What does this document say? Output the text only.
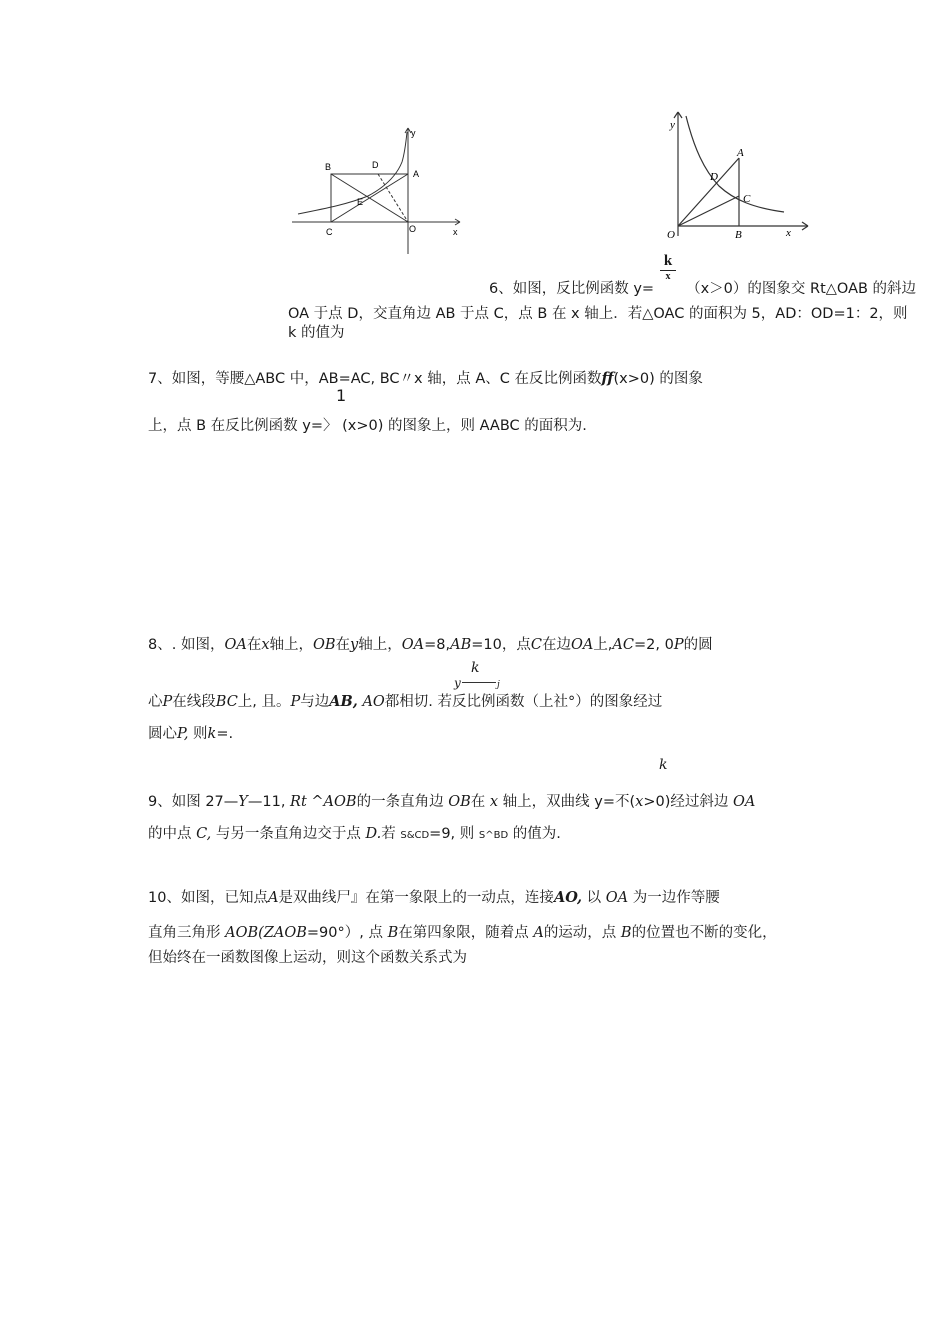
B	D
A
E
C	O	x
y
y
A
D
C
O	B	x
k
x
6、如图，反比例函数 y= （x＞0）的图象交 Rt△OAB 的斜边
OA 于点 D，交直角边 AB 于点 C，点 B 在 x 轴上．若△OAC 的面积为 5，AD：OD=1：2，则
k 的值为
7、如图，等腰△ABC 中，AB=AC, BC〃x 轴，点 A、C 在反比例函数ff(x>0) 的图象
1
上，点 B 在反比例函数 y=〉 (x>0) 的图象上，则 AABC 的面积为.
8、. 如图，OA在x轴上，OB在y轴上，OA=8,AB=10，点C在边OA上,AC=2, 0P的圆
k
y	j
心P在线段BC上, 且。P与边AB, AO都相切. 若反比例函数（上社°）的图象经过
圆心P, 则k=.
k
9、如图 27—Y—11, Rt ^AOB的一条直角边 OB在 x 轴上，双曲线 y=不(x>0)经过斜边 OA
的中点 C, 与另一条直角边交于点 D.若 S&CD=9, 则 S^BD 的值为.
10、如图，已知点A是双曲线尸』在第一象限上的一动点，连接AO, 以 OA 为一边作等腰
直角三角形 AOB(ZAOB=90°）, 点 B在第四象限，随着点 A的运动，点 B的位置也不断的变化，
但始终在一函数图像上运动，则这个函数关系式为
